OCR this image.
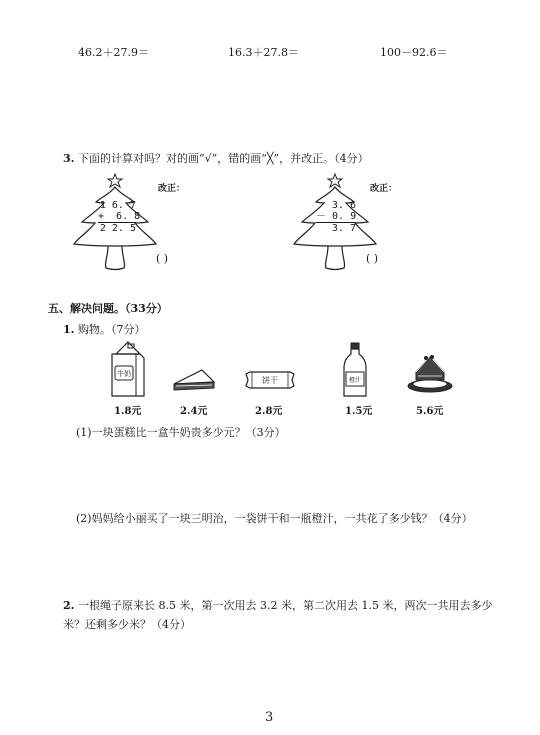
46.2＋27.9＝	16.3＋27.8＝	100－92.6＝
3. 下面的计算对吗？对的画“√”，错的画“╳”，并改正。（4分）
1 6. 7
+  6. 8
2 2. 5
改正：
( )
3. 6
－ 0. 9
3. 7
改正：
( )
五、解决问题。（33分）
1. 购物。（7分）
牛奶
1.8元	2.4元
饼干
2.8元
橙汁
1.5元	5.6元
(1)一块蛋糕比一盒牛奶贵多少元？（3分）
(2)妈妈给小丽买了一块三明治，一袋饼干和一瓶橙汁，一共花了多少钱？（4分）
2. 一根绳子原来长 8.5 米，第一次用去 3.2 米，第二次用去 1.5 米，两次一共用去多少
米？还剩多少米？（4分）
3
